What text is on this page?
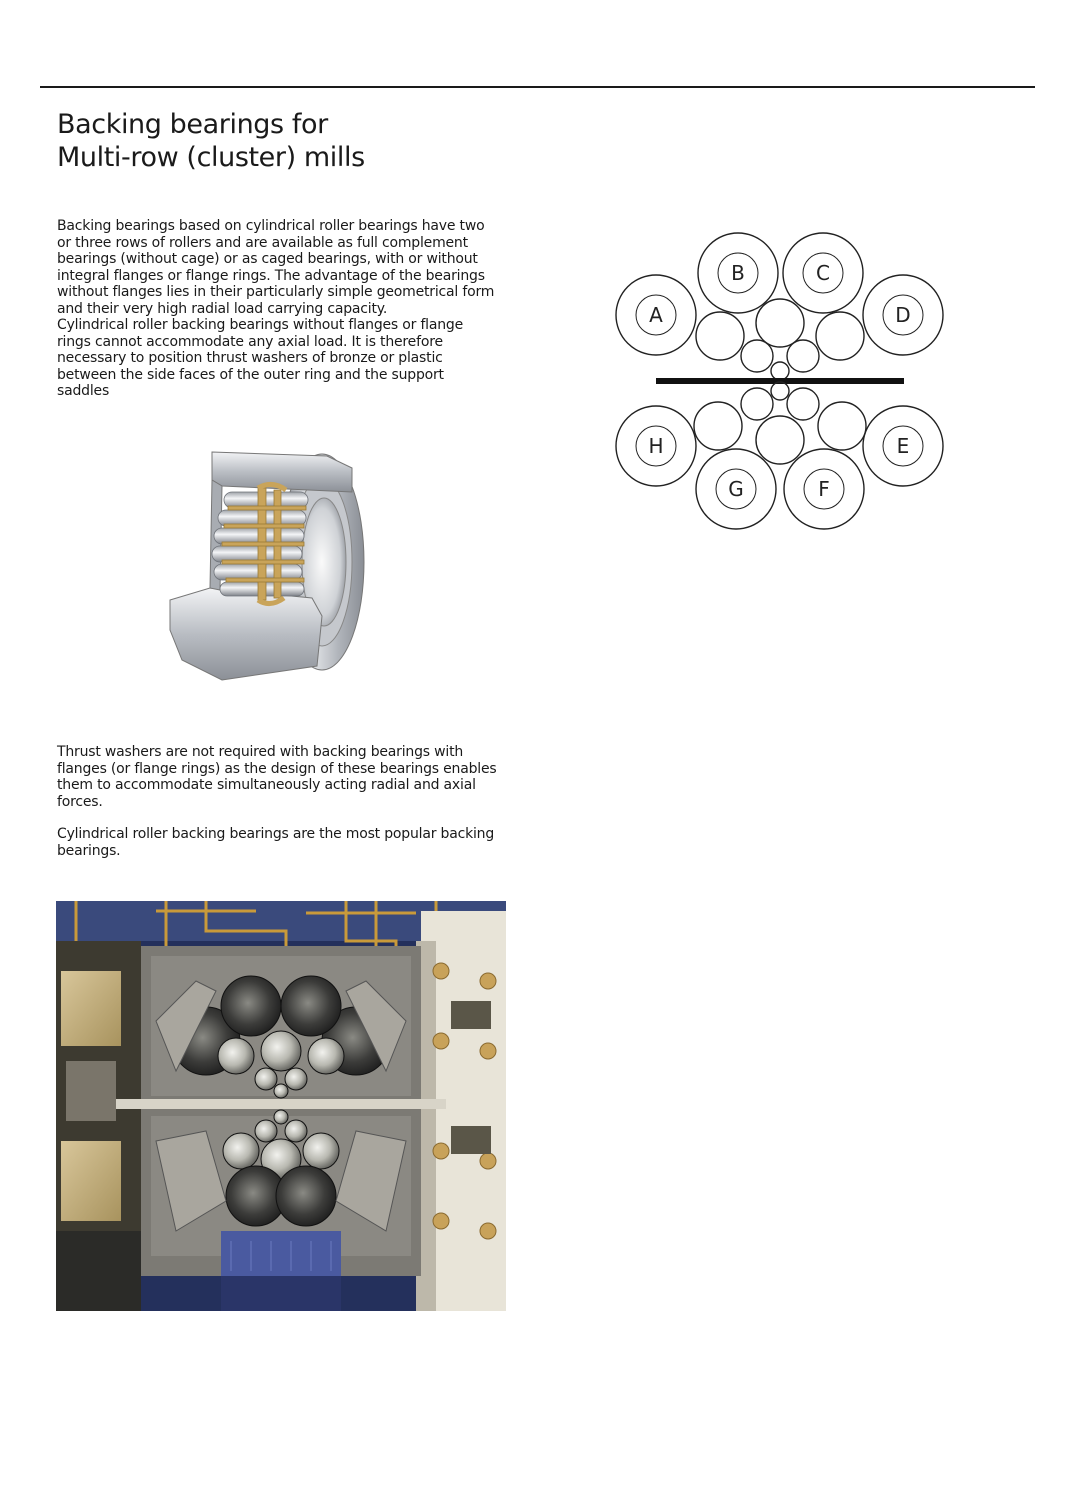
Backing bearings for
Multi-row (cluster) mills
Backing bearings based on cylindrical roller bearings have two
or three rows of rollers and are available as full complement
bearings (without cage) or as caged bearings, with or without
integral flanges or flange rings. The advantage of the bearings
without flanges lies in their particularly simple geometrical form
and their very high radial load carrying capacity.
Cylindrical roller backing bearings without flanges or flange
rings cannot accommodate any axial load. It is therefore
necessary to position thrust washers of bronze or plastic
between the side faces of the outer ring and the support
saddles
Thrust washers are not required with backing bearings with
flanges (or flange rings) as the design of these bearings enables
them to accommodate simultaneously acting radial and axial
forces.
Cylindrical roller backing bearings are the most popular backing
bearings.
A
B	C
D
E
F
G
H
